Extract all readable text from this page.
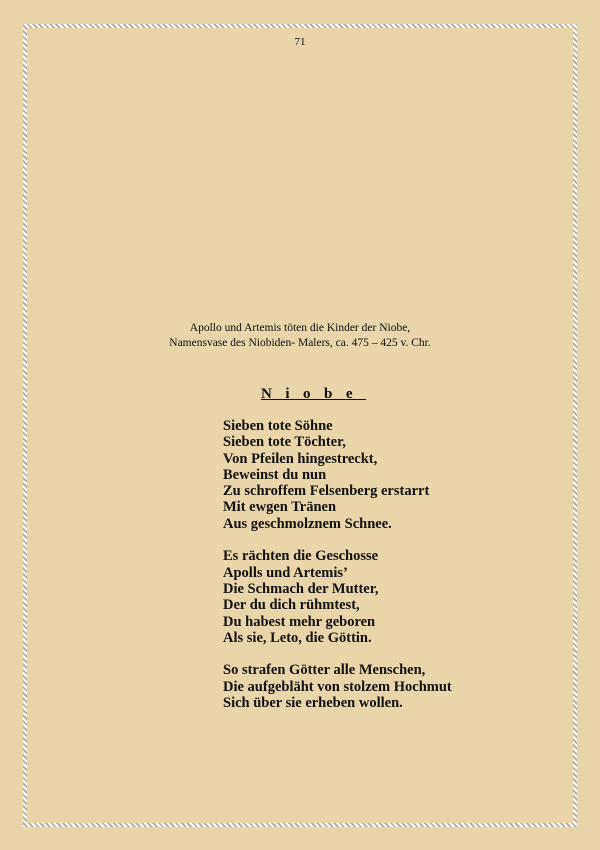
71
Apollo und Artemis töten die Kinder der Niobe,
Namensvase des Niobiden- Malers, ca. 475 – 425 v. Chr.
Niobe
Sieben tote Söhne
Sieben tote Töchter,
Von Pfeilen hingestreckt,
Beweinst du nun
Zu schroffem Felsenberg erstarrt
Mit ewgen Tränen
Aus geschmolznem Schnee.
Es rächten die Geschosse
Apolls und Artemis’
Die Schmach der Mutter,
Der du dich rühmtest,
Du habest mehr geboren
Als sie, Leto, die Göttin.
So strafen Götter alle Menschen,
Die aufgebläht von stolzem Hochmut
Sich über sie erheben wollen.
